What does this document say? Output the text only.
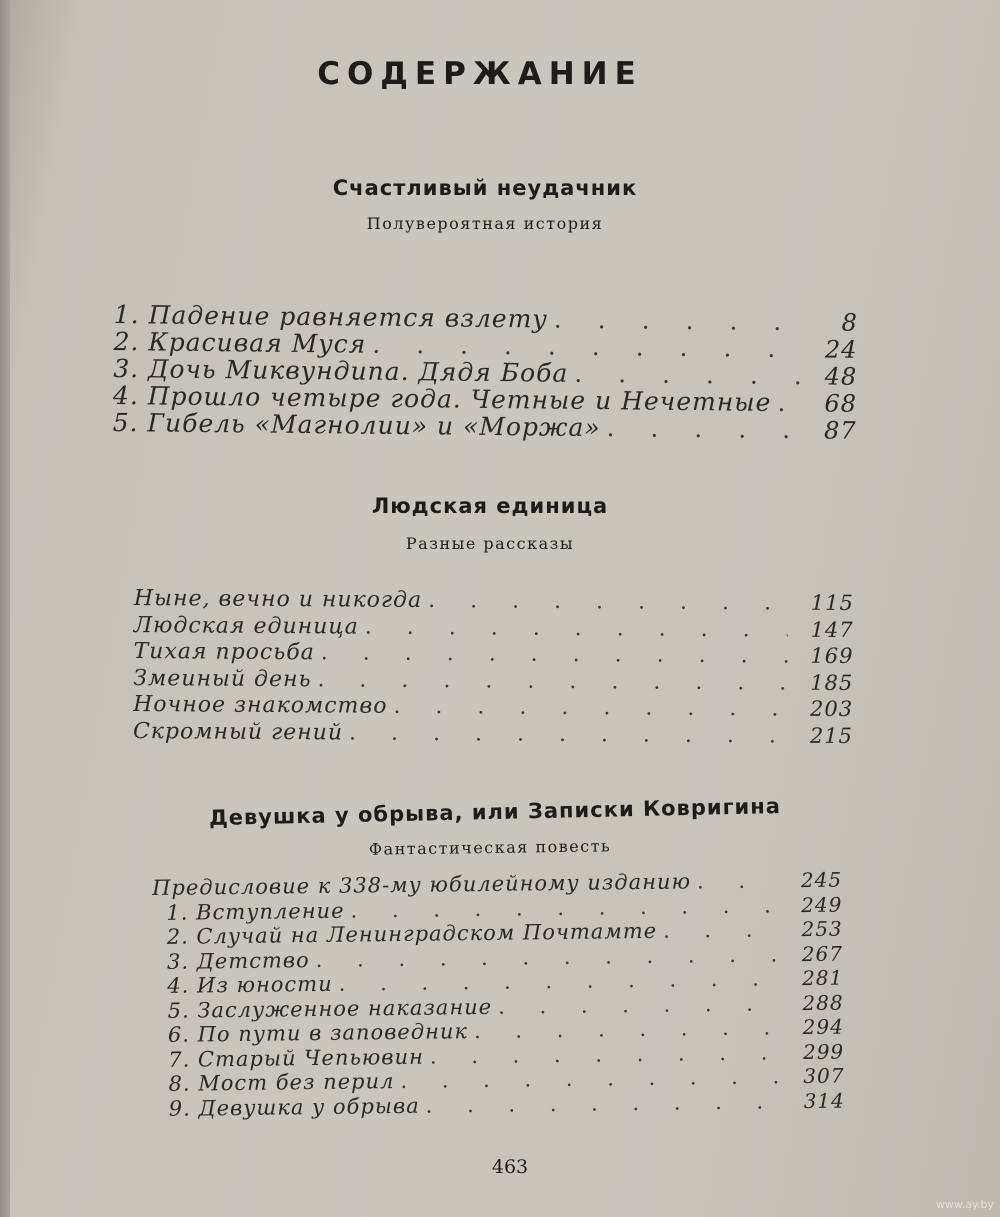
СОДЕРЖАНИЕ
Счастливый неудачник
Полувероятная история
1. Падение равняется взлету . . .	8
2. Красивая Муся . . .	24
3. Дочь Миквундипа. Дядя Боба . . .	48
4. Прошло четыре года. Четные и Нечетные . . .	68
5. Гибель «Магнолии» и «Моржа» . . .	87
Людская единица
Разные рассказы
Ныне, вечно и никогда . . .	115
Людская единица . . .	147
Тихая просьба . . .	169
Змеиный день . . .	185
Ночное знакомство . . .	203
Скромный гений . . .	215
Девушка у обрыва, или Записки Ковригина
Фантастическая повесть
Предисловие к 338-му юбилейному изданию . . .	245
1. Вступление . . .	249
2. Случай на Ленинградском Почтамте . . .	253
3. Детство . . .	267
4. Из юности . . .	281
5. Заслуженное наказание . . .	288
6. По пути в заповедник . . .	294
7. Старый Чепьювин . . .	299
8. Мост без перил . . .	307
9. Девушка у обрыва . . .	314
463
www.ay.by
